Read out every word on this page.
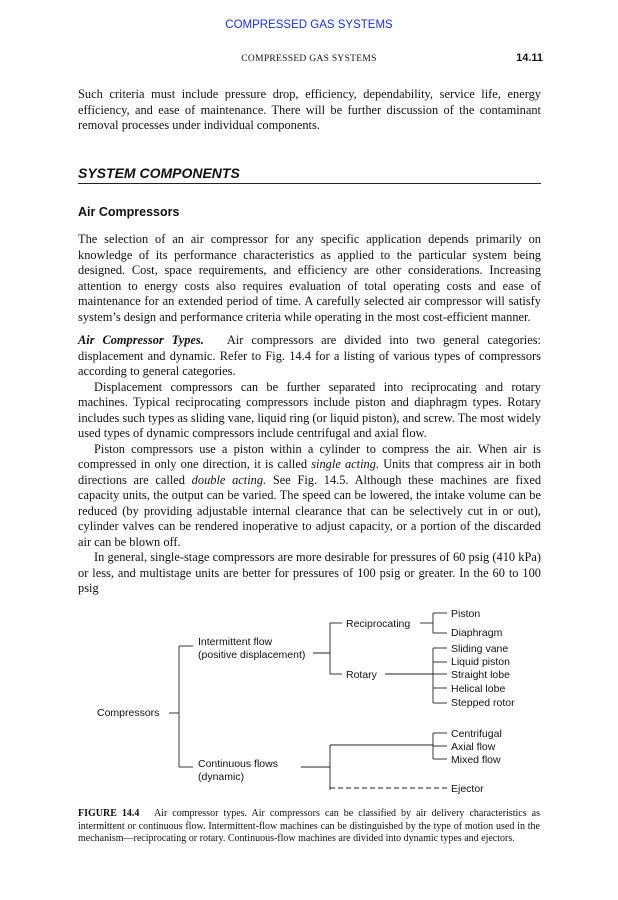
COMPRESSED GAS SYSTEMS
COMPRESSED GAS SYSTEMS	14.11

Such criteria must include pressure drop, efficiency, dependability, service life, energy efficiency, and ease of maintenance. There will be further discussion of the contaminant removal processes under individual components.

SYSTEM COMPONENTS
Air Compressors

The selection of an air compressor for any specific application depends primarily on knowledge of its performance characteristics as applied to the particular system being designed. Cost, space requirements, and efficiency are other considerations. Increasing attention to energy costs also requires evaluation of total operating costs and ease of maintenance for an extended period of time. A carefully selected air compressor will satisfy system’s design and performance criteria while operating in the most cost-efficient manner.

Air Compressor Types. Air compressors are divided into two general categories: displacement and dynamic. Refer to Fig. 14.4 for a listing of various types of compressors according to general categories.

Displacement compressors can be further separated into reciprocating and rotary machines. Typical reciprocating compressors include piston and diaphragm types. Rotary includes such types as sliding vane, liquid ring (or liquid piston), and screw. The most widely used types of dynamic compressors include centrifugal and axial flow.

Piston compressors use a piston within a cylinder to compress the air. When air is compressed in only one direction, it is called single acting. Units that compress air in both directions are called double acting. See Fig. 14.5. Although these machines are fixed capacity units, the output can be varied. The speed can be lowered, the intake volume can be reduced (by providing adjustable internal clearance that can be selectively cut in or out), cylinder valves can be rendered inoperative to adjust capacity, or a portion of the discarded air can be blown off.

In general, single-stage compressors are more desirable for pressures of 60 psig (410 kPa) or less, and multistage units are better for pressures of 100 psig or greater. In the 60 to 100 psig

Compressors
Intermittent flow
(positive displacement)
Continuous flows
(dynamic)
Reciprocating
Rotary
Piston
Diaphragm
Sliding vane
Liquid piston
Straight lobe
Helical lobe
Stepped rotor
Centrifugal
Axial flow
Mixed flow
Ejector
FIGURE 14.4 Air compressor types. Air compressors can be classified by air delivery characteristics as intermittent or continuous flow. Intermittent-flow machines can be distinguished by the type of motion used in the mechanism—reciprocating or rotary. Continuous-flow machines are divided into dynamic types and ejectors.
